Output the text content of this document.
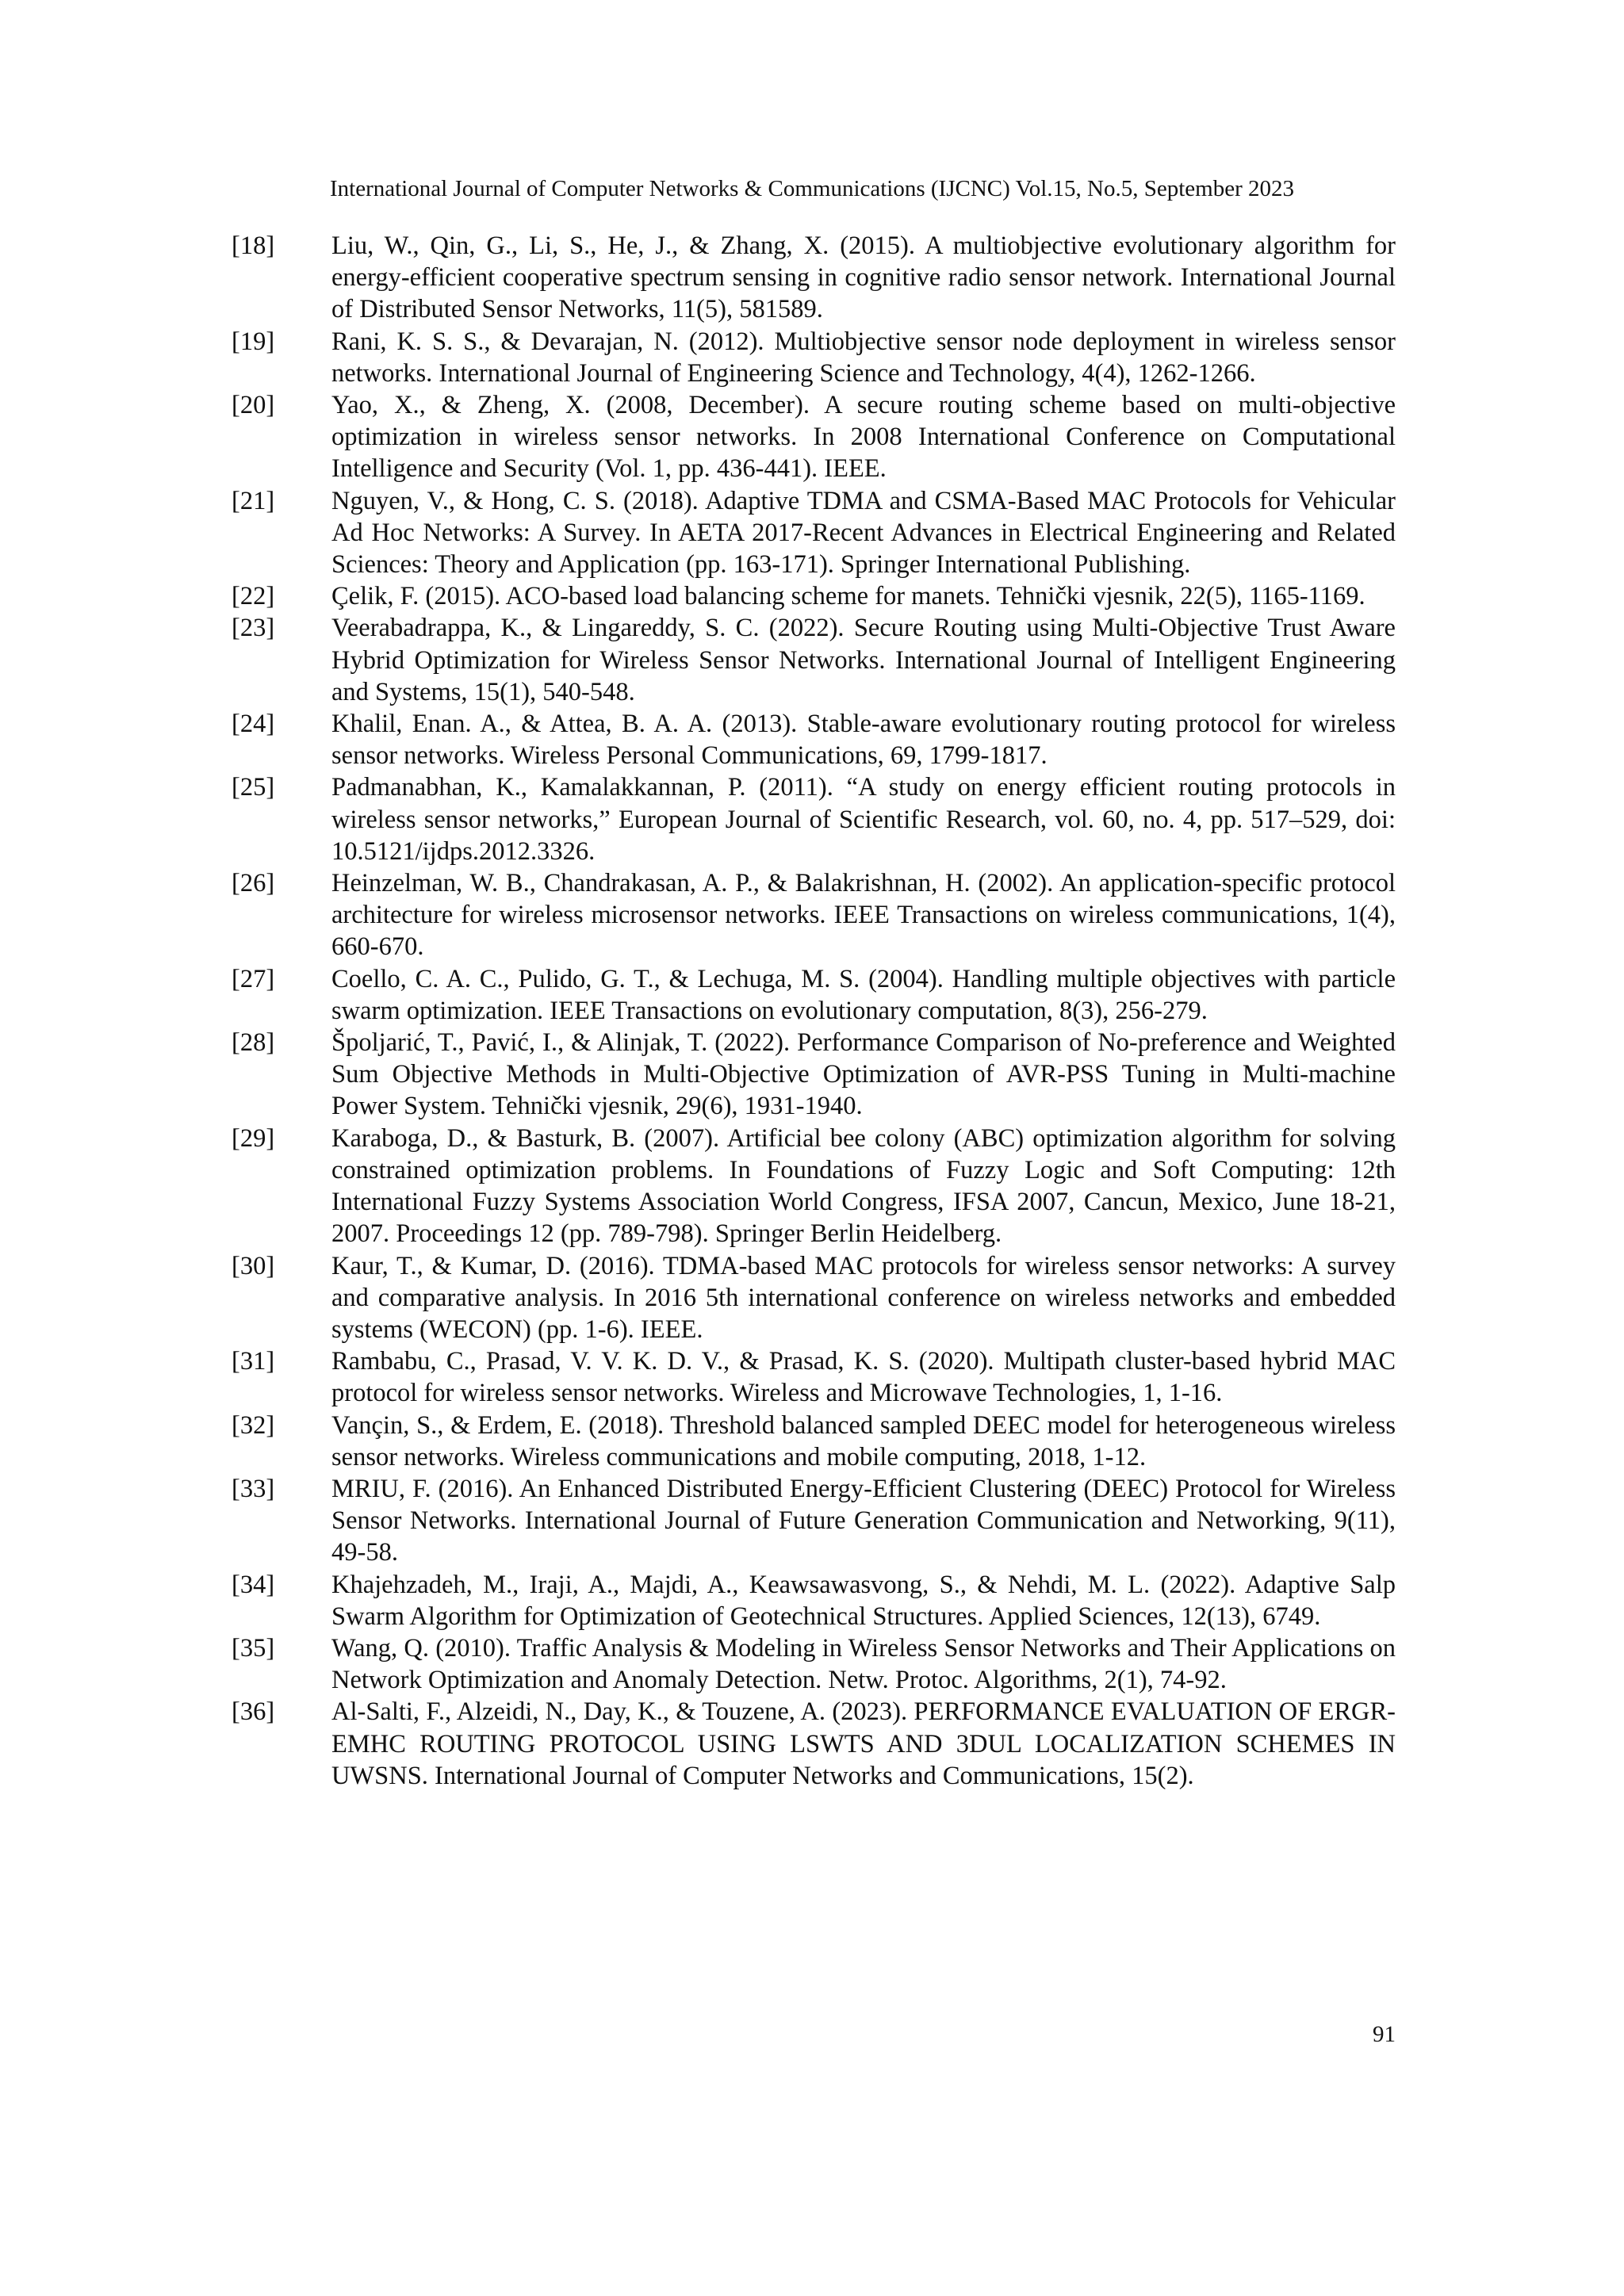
International Journal of Computer Networks & Communications (IJCNC) Vol.15, No.5, September 2023
[18]	Liu, W., Qin, G., Li, S., He, J., & Zhang, X. (2015). A multiobjective evolutionary algorithm for energy-efficient cooperative spectrum sensing in cognitive radio sensor network. International Journal of Distributed Sensor Networks, 11(5), 581589.
[19]	Rani, K. S. S., & Devarajan, N. (2012). Multiobjective sensor node deployment in wireless sensor networks. International Journal of Engineering Science and Technology, 4(4), 1262-1266.
[20]	Yao, X., & Zheng, X. (2008, December). A secure routing scheme based on multi-objective optimization in wireless sensor networks. In 2008 International Conference on Computational Intelligence and Security (Vol. 1, pp. 436-441). IEEE.
[21]	Nguyen, V., & Hong, C. S. (2018). Adaptive TDMA and CSMA-Based MAC Protocols for Vehicular Ad Hoc Networks: A Survey. In AETA 2017-Recent Advances in Electrical Engineering and Related Sciences: Theory and Application (pp. 163-171). Springer International Publishing.
[22]	Çelik, F. (2015). ACO-based load balancing scheme for manets. Tehnički vjesnik, 22(5), 1165-1169.
[23]	Veerabadrappa, K., & Lingareddy, S. C. (2022). Secure Routing using Multi-Objective Trust Aware Hybrid Optimization for Wireless Sensor Networks. International Journal of Intelligent Engineering and Systems, 15(1), 540-548.
[24]	Khalil, Enan. A., & Attea, B. A. A. (2013). Stable-aware evolutionary routing protocol for wireless sensor networks. Wireless Personal Communications, 69, 1799-1817.
[25]	Padmanabhan, K., Kamalakkannan, P. (2011). “A study on energy efficient routing protocols in wireless sensor networks,” European Journal of Scientific Research, vol. 60, no. 4, pp. 517–529, doi: 10.5121/ijdps.2012.3326.
[26]	Heinzelman, W. B., Chandrakasan, A. P., & Balakrishnan, H. (2002). An application-specific protocol architecture for wireless microsensor networks. IEEE Transactions on wireless communications, 1(4), 660-670.
[27]	Coello, C. A. C., Pulido, G. T., & Lechuga, M. S. (2004). Handling multiple objectives with particle swarm optimization. IEEE Transactions on evolutionary computation, 8(3), 256-279.
[28]	Špoljarić, T., Pavić, I., & Alinjak, T. (2022). Performance Comparison of No-preference and Weighted Sum Objective Methods in Multi-Objective Optimization of AVR-PSS Tuning in Multi-machine Power System. Tehnički vjesnik, 29(6), 1931-1940.
[29]	Karaboga, D., & Basturk, B. (2007). Artificial bee colony (ABC) optimization algorithm for solving constrained optimization problems. In Foundations of Fuzzy Logic and Soft Computing: 12th International Fuzzy Systems Association World Congress, IFSA 2007, Cancun, Mexico, June 18-21, 2007. Proceedings 12 (pp. 789-798). Springer Berlin Heidelberg.
[30]	Kaur, T., & Kumar, D. (2016). TDMA-based MAC protocols for wireless sensor networks: A survey and comparative analysis. In 2016 5th international conference on wireless networks and embedded systems (WECON) (pp. 1-6). IEEE.
[31]	Rambabu, C., Prasad, V. V. K. D. V., & Prasad, K. S. (2020). Multipath cluster-based hybrid MAC protocol for wireless sensor networks. Wireless and Microwave Technologies, 1, 1-16.
[32]	Vançin, S., & Erdem, E. (2018). Threshold balanced sampled DEEC model for heterogeneous wireless sensor networks. Wireless communications and mobile computing, 2018, 1-12.
[33]	MRIU, F. (2016). An Enhanced Distributed Energy-Efficient Clustering (DEEC) Protocol for Wireless Sensor Networks. International Journal of Future Generation Communication and Networking, 9(11), 49-58.
[34]	Khajehzadeh, M., Iraji, A., Majdi, A., Keawsawasvong, S., & Nehdi, M. L. (2022). Adaptive Salp Swarm Algorithm for Optimization of Geotechnical Structures. Applied Sciences, 12(13), 6749.
[35]	Wang, Q. (2010). Traffic Analysis & Modeling in Wireless Sensor Networks and Their Applications on Network Optimization and Anomaly Detection. Netw. Protoc. Algorithms, 2(1), 74-92.
[36]	Al-Salti, F., Alzeidi, N., Day, K., & Touzene, A. (2023). PERFORMANCE EVALUATION OF ERGR-EMHC ROUTING PROTOCOL USING LSWTS AND 3DUL LOCALIZATION SCHEMES IN UWSNS. International Journal of Computer Networks and Communications, 15(2).
91
